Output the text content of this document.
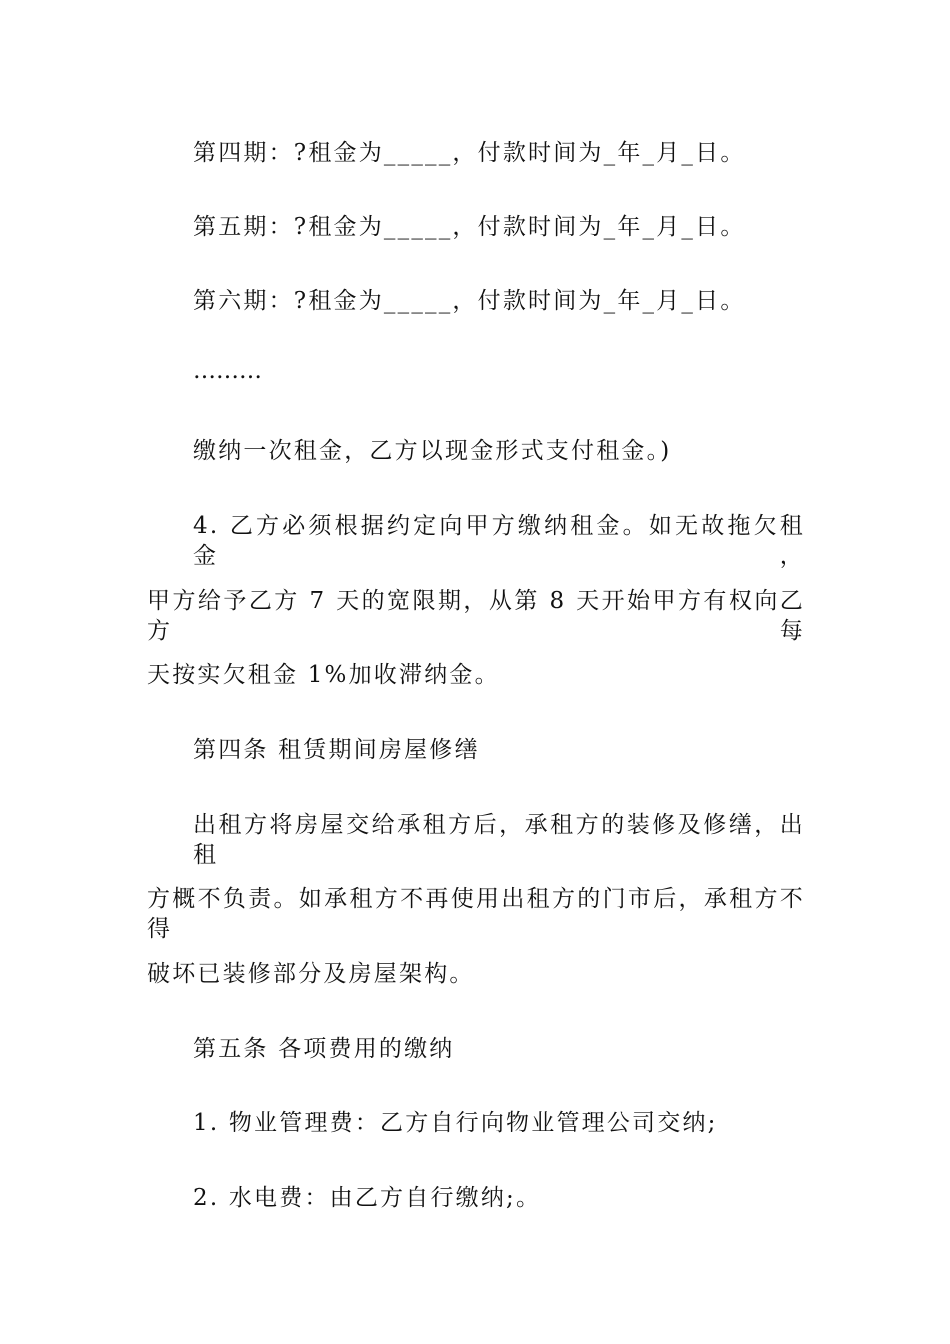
第四期：?租金为_____，付款时间为_年_月_日。
第五期：?租金为_____，付款时间为_年_月_日。
第六期：?租金为_____，付款时间为_年_月_日。
………
缴纳一次租金，乙方以现金形式支付租金。)
4. 乙方必须根据约定向甲方缴纳租金。如无故拖欠租金，
甲方给予乙方 7 天的宽限期，从第 8 天开始甲方有权向乙方每
天按实欠租金 1%加收滞纳金。
第四条 租赁期间房屋修缮
出租方将房屋交给承租方后，承租方的装修及修缮，出租
方概不负责。如承租方不再使用出租方的门市后，承租方不得
破坏已装修部分及房屋架构。
第五条 各项费用的缴纳
1. 物业管理费：乙方自行向物业管理公司交纳;
2. 水电费：由乙方自行缴纳;。
